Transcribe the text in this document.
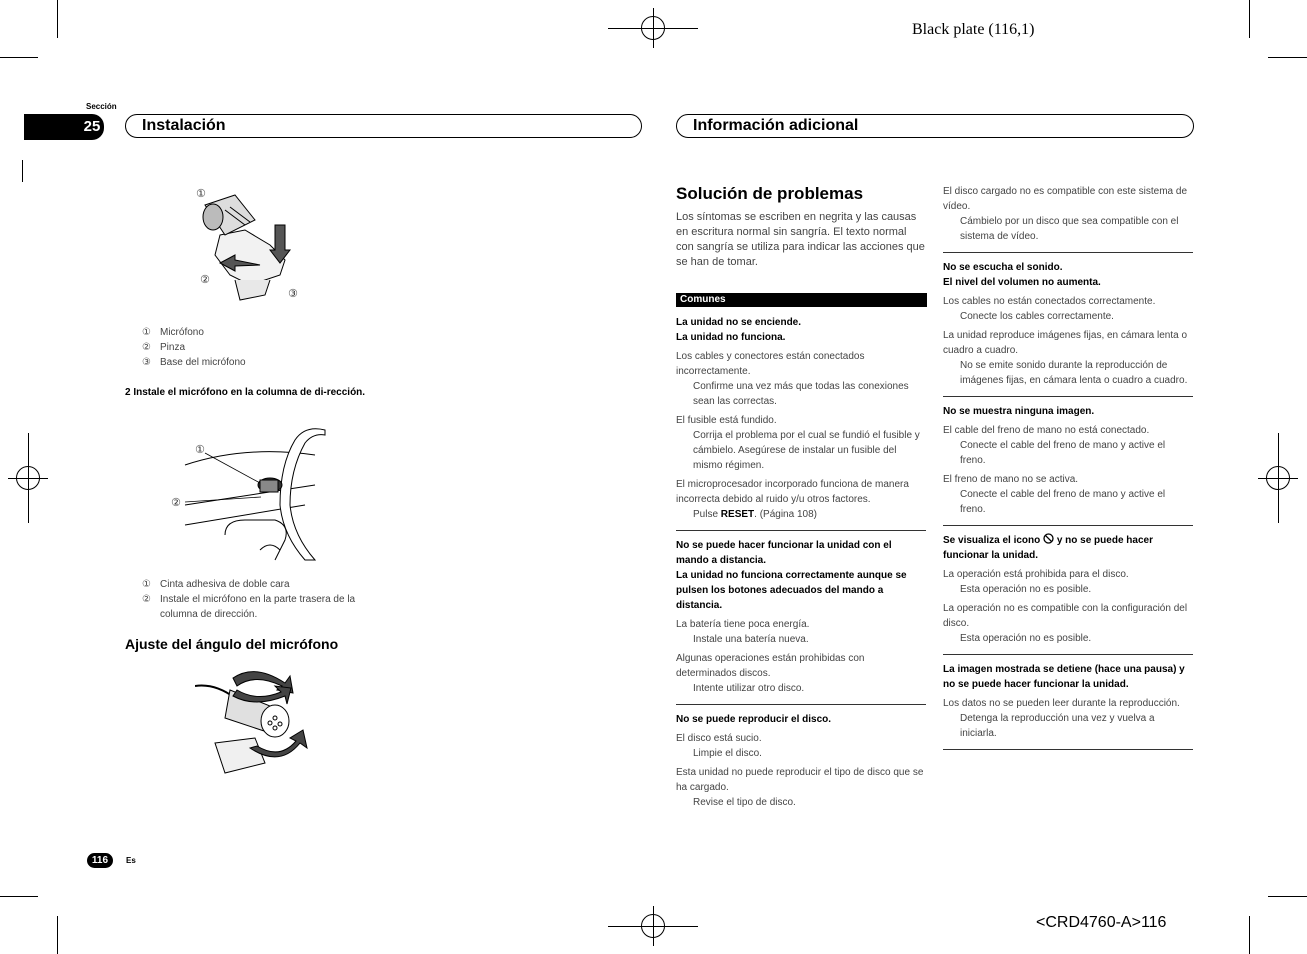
Black plate (116,1)
<CRD4760-A>116
Sección
25	Instalación	Información adicional
①
②
③
① Micrófono
② Pinza
③ Base del micrófono
2 Instale el micrófono en la columna de di-rección.
①
②
① Cinta adhesiva de doble cara
② Instale el micrófono en la parte trasera de la columna de dirección.
Ajuste del ángulo del micrófono
116	Es
Solución de problemas
Los síntomas se escriben en negrita y las causas en escritura normal sin sangría. El texto normal con sangría se utiliza para indicar las acciones que se han de tomar.
Comunes
La unidad no se enciende.
La unidad no funciona.
Los cables y conectores están conectados incorrectamente.
Confirme una vez más que todas las conexiones sean las correctas.
El fusible está fundido.
Corrija el problema por el cual se fundió el fusible y cámbielo. Asegúrese de instalar un fusible del mismo régimen.
El microprocesador incorporado funciona de manera incorrecta debido al ruido y/u otros factores.
Pulse RESET. (Página 108)
No se puede hacer funcionar la unidad con el mando a distancia.
La unidad no funciona correctamente aunque se pulsen los botones adecuados del mando a distancia.
La batería tiene poca energía.
Instale una batería nueva.
Algunas operaciones están prohibidas con determinados discos.
Intente utilizar otro disco.
No se puede reproducir el disco.
El disco está sucio.
Limpie el disco.
Esta unidad no puede reproducir el tipo de disco que se ha cargado.
Revise el tipo de disco.
El disco cargado no es compatible con este sistema de vídeo.
Cámbielo por un disco que sea compatible con el sistema de vídeo.
No se escucha el sonido.
El nivel del volumen no aumenta.
Los cables no están conectados correctamente.
Conecte los cables correctamente.
La unidad reproduce imágenes fijas, en cámara lenta o cuadro a cuadro.
No se emite sonido durante la reproducción de imágenes fijas, en cámara lenta o cuadro a cuadro.
No se muestra ninguna imagen.
El cable del freno de mano no está conectado.
Conecte el cable del freno de mano y active el freno.
El freno de mano no se activa.
Conecte el cable del freno de mano y active el freno.
Se visualiza el icono  y no se puede hacer funcionar la unidad.
La operación está prohibida para el disco.
Esta operación no es posible.
La operación no es compatible con la configuración del disco.
Esta operación no es posible.
La imagen mostrada se detiene (hace una pausa) y no se puede hacer funcionar la unidad.
Los datos no se pueden leer durante la reproducción.
Detenga la reproducción una vez y vuelva a iniciarla.
